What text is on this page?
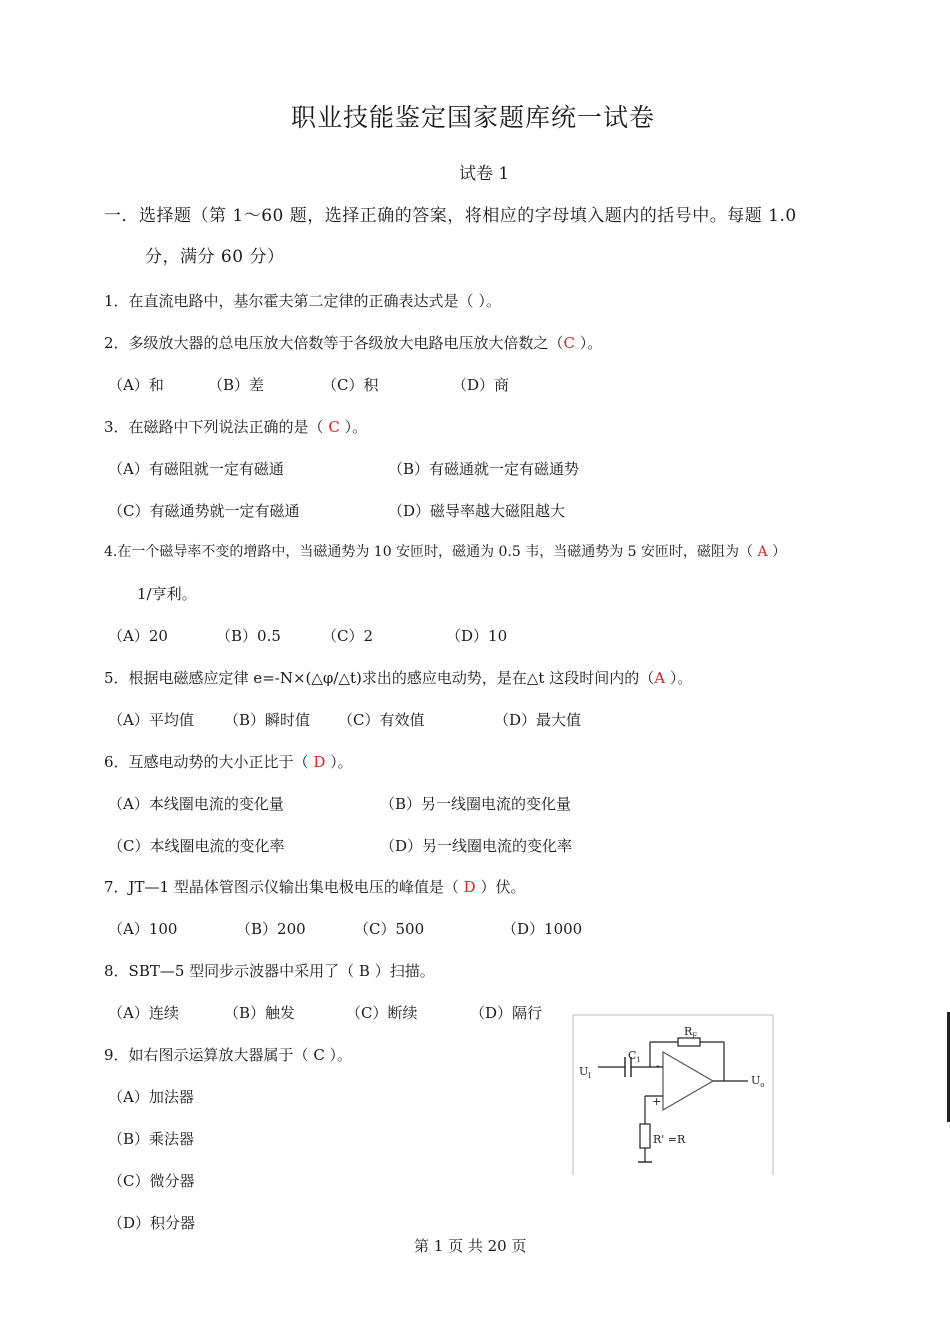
职业技能鉴定国家题库统一试卷
试卷 1
一．选择题（第 1～60 题，选择正确的答案，将相应的字母填入题内的括号中。每题 1.0
分，满分 60 分）
1．在直流电路中，基尔霍夫第二定律的正确表达式是（ ）。
2．多级放大器的总电压放大倍数等于各级放大电路电压放大倍数之（C ）。
（A）和	（B）差	（C）积	（D）商
3．在磁路中下列说法正确的是（ C ）。
（A）有磁阻就一定有磁通	（B）有磁通就一定有磁通势
（C）有磁通势就一定有磁通	（D）磁导率越大磁阻越大
4.在一个磁导率不变的增路中，当磁通势为 10 安匝时，磁通为 0.5 韦，当磁通势为 5 安匝时，磁阻为（ A ）
1/亨利。
（A）20	（B）0.5	（C）2	（D）10
5．根据电磁感应定律 e=-N×(△φ/△t)求出的感应电动势，是在△t 这段时间内的（A ）。
（A）平均值 （B）瞬时值 （C）有效值	（D）最大值
6．互感电动势的大小正比于（ D ）。
（A）本线圈电流的变化量	（B）另一线圈电流的变化量
（C）本线圈电流的变化率	（D）另一线圈电流的变化率
7．JT—1 型晶体管图示仪输出集电极电压的峰值是（ D ）伏。
（A）100	（B）200	（C）500	（D）1000
8．SBT—5 型同步示波器中采用了（ B ）扫描。
（A）连续	（B）触发	（C）断续	（D）隔行
9．如右图示运算放大器属于（ C ）。
（A）加法器
（B）乘法器
（C）微分器
（D）积分器
-
+
$C_1$
$U_I$
$R_F$
$U_o$
R' =R
第 1 页 共 20 页
